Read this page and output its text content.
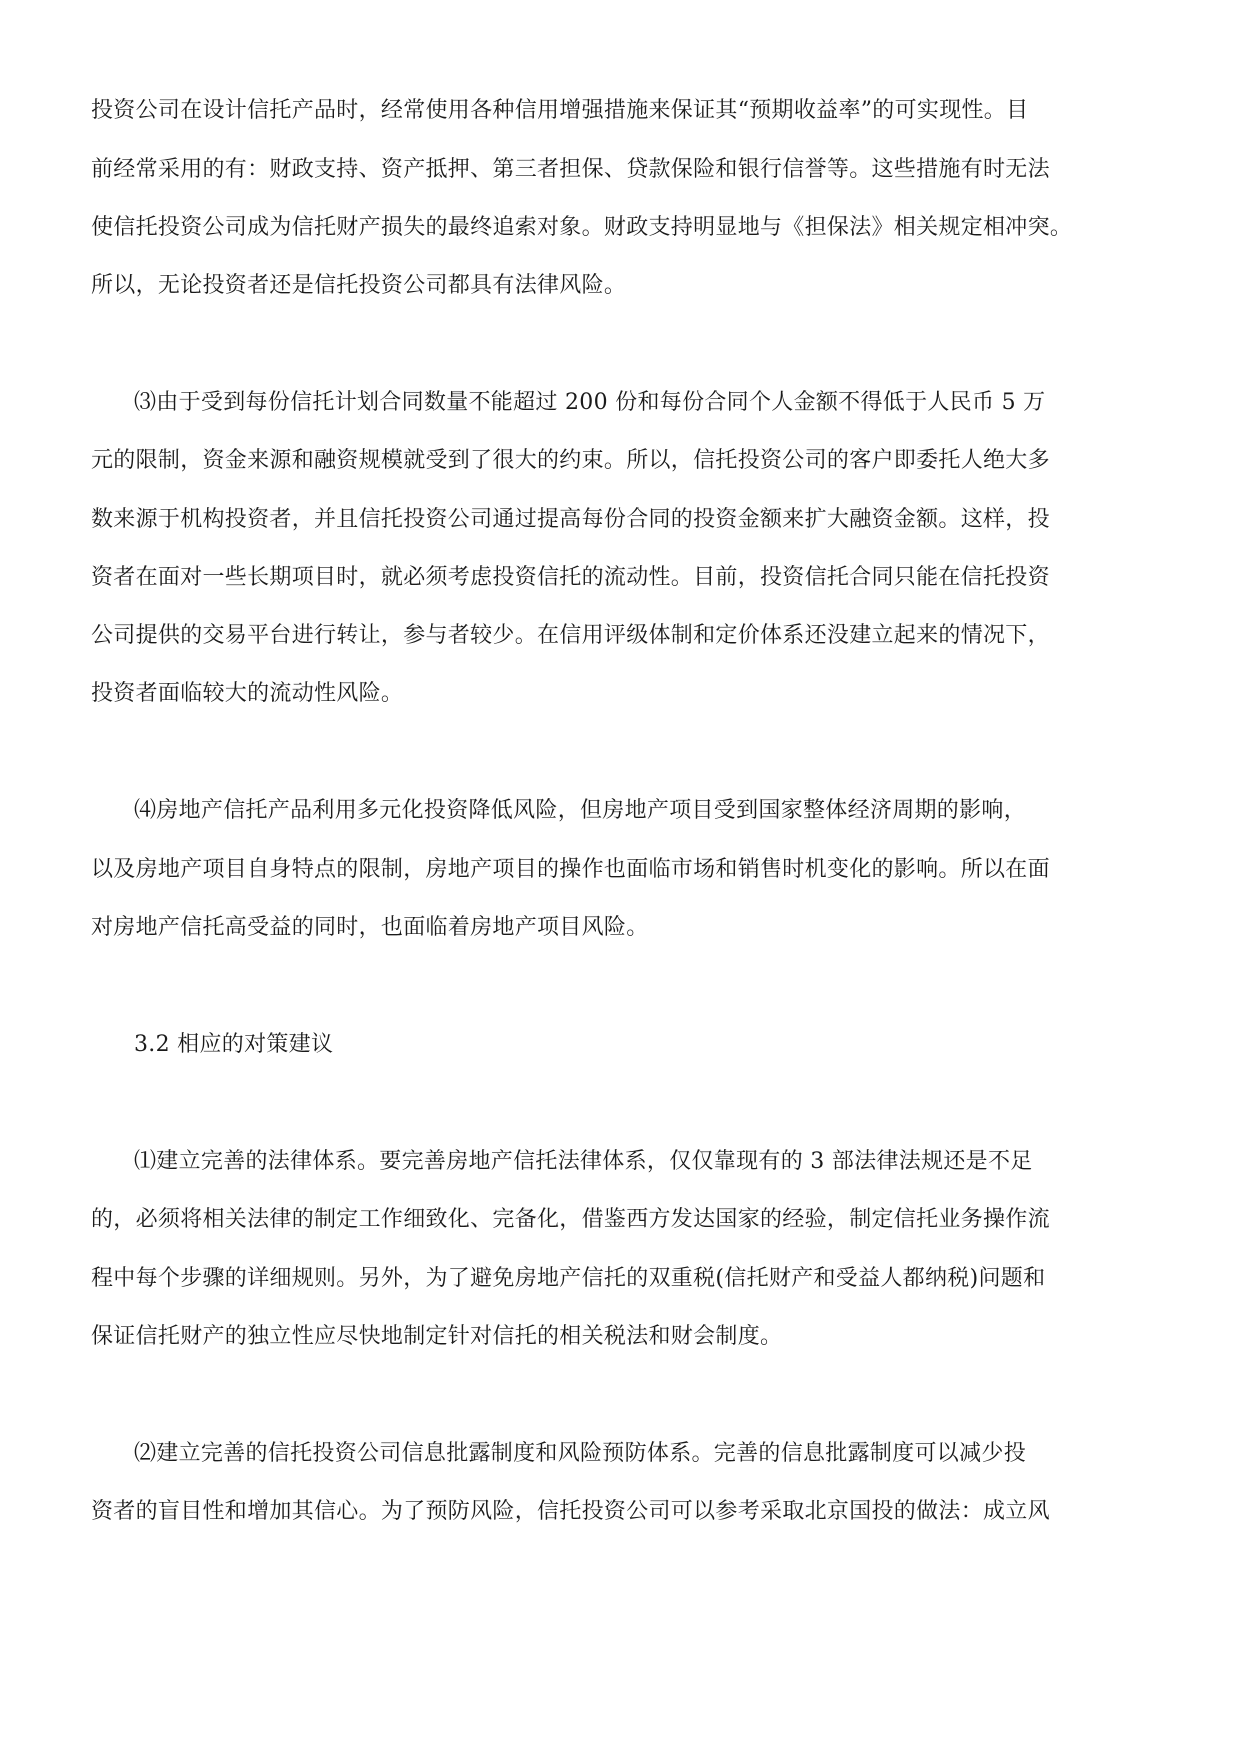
投资公司在设计信托产品时，经常使用各种信用增强措施来保证其“预期收益率”的可实现性。目
前经常采用的有：财政支持、资产抵押、第三者担保、贷款保险和银行信誉等。这些措施有时无法
使信托投资公司成为信托财产损失的最终追索对象。财政支持明显地与《担保法》相关规定相冲突。
所以，无论投资者还是信托投资公司都具有法律风险。
⑶由于受到每份信托计划合同数量不能超过 200 份和每份合同个人金额不得低于人民币 5 万
元的限制，资金来源和融资规模就受到了很大的约束。所以，信托投资公司的客户即委托人绝大多
数来源于机构投资者，并且信托投资公司通过提高每份合同的投资金额来扩大融资金额。这样，投
资者在面对一些长期项目时，就必须考虑投资信托的流动性。目前，投资信托合同只能在信托投资
公司提供的交易平台进行转让，参与者较少。在信用评级体制和定价体系还没建立起来的情况下，
投资者面临较大的流动性风险。
⑷房地产信托产品利用多元化投资降低风险，但房地产项目受到国家整体经济周期的影响，
以及房地产项目自身特点的限制，房地产项目的操作也面临市场和销售时机变化的影响。所以在面
对房地产信托高受益的同时，也面临着房地产项目风险。
3.2 相应的对策建议
⑴建立完善的法律体系。要完善房地产信托法律体系，仅仅靠现有的 3 部法律法规还是不足
的，必须将相关法律的制定工作细致化、完备化，借鉴西方发达国家的经验，制定信托业务操作流
程中每个步骤的详细规则。另外，为了避免房地产信托的双重税(信托财产和受益人都纳税)问题和
保证信托财产的独立性应尽快地制定针对信托的相关税法和财会制度。
⑵建立完善的信托投资公司信息批露制度和风险预防体系。完善的信息批露制度可以减少投
资者的盲目性和增加其信心。为了预防风险，信托投资公司可以参考采取北京国投的做法：成立风
